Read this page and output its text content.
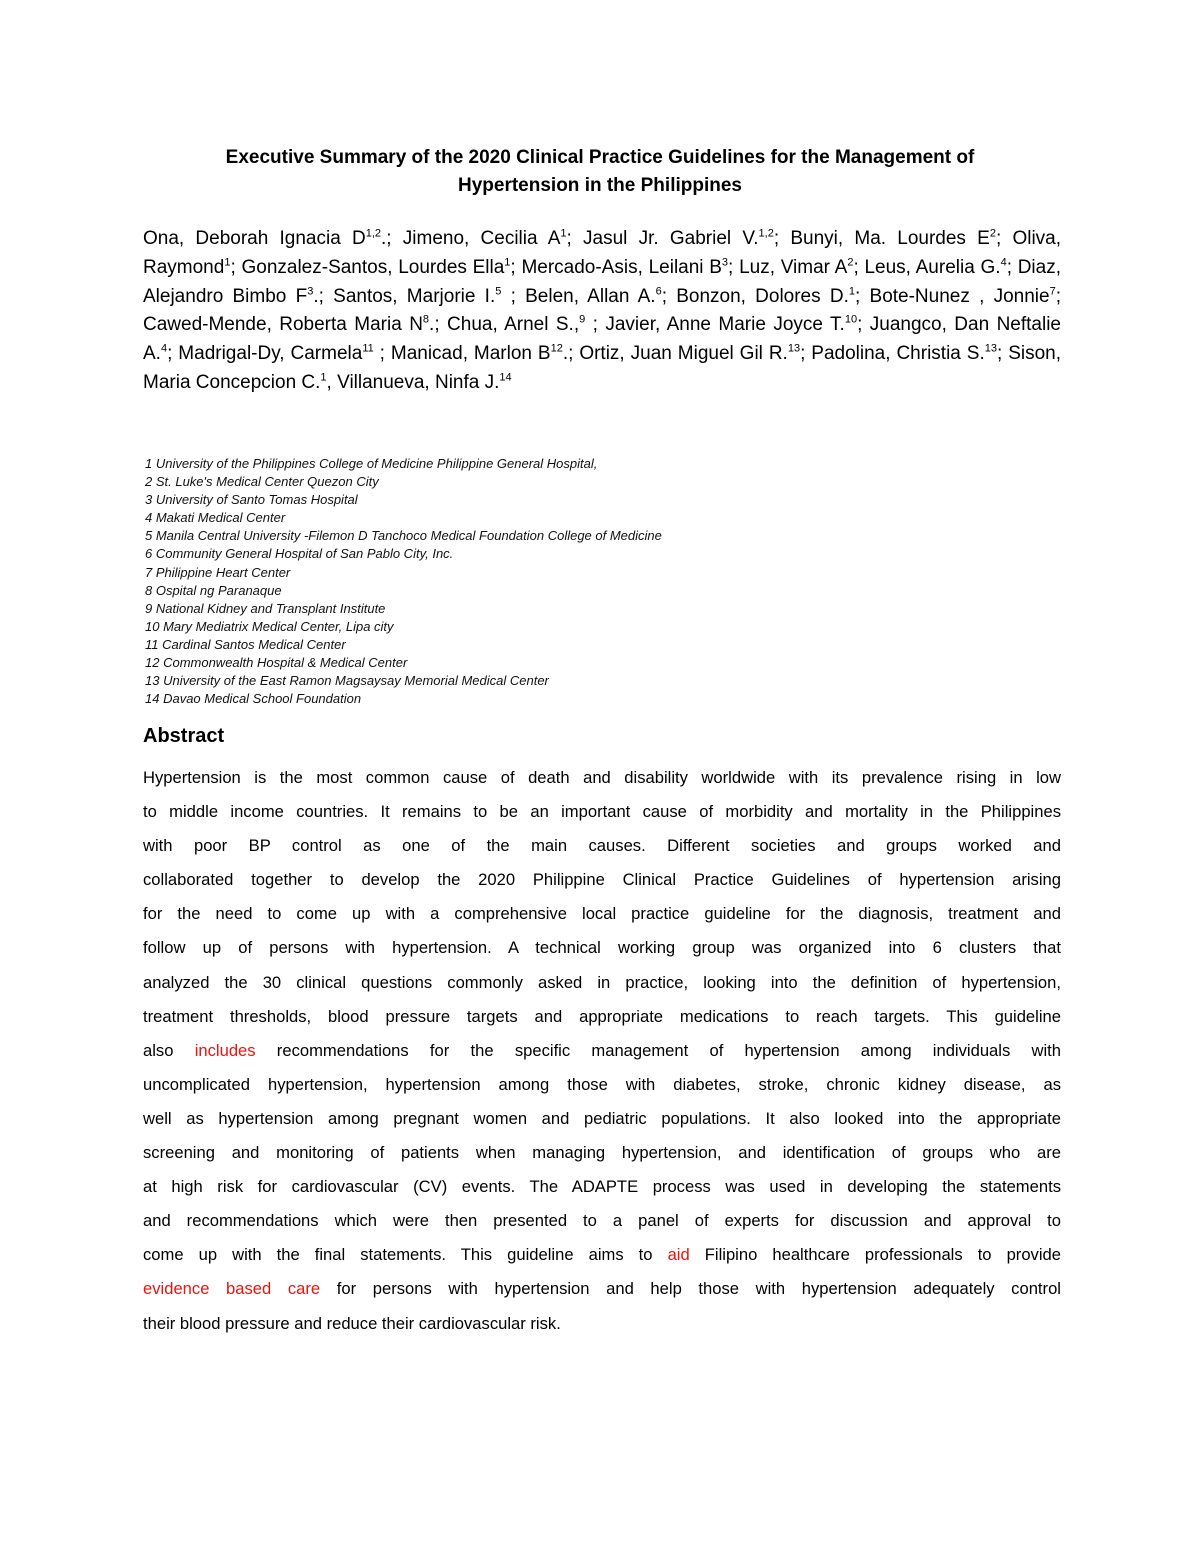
Executive Summary of the 2020 Clinical Practice Guidelines for the Management of
Hypertension in the Philippines
Ona, Deborah Ignacia D$^{1,2}$.; Jimeno, Cecilia $A^1$; Jasul Jr. Gabriel V.$^{1,2}$; Bunyi, Ma. Lourdes $E^2$; Oliva, Raymond$^1$; Gonzalez-Santos, Lourdes Ella$^1$; Mercado-Asis, Leilani $B^3$; Luz, Vimar $A^2$; Leus, Aurelia G.$^4$; Diaz, Alejandro Bimbo $F^3$.; Santos, Marjorie I.$^5$ ; Belen, Allan A.$^6$; Bonzon, Dolores D.$^1$; Bote-Nunez , Jonnie$^7$; Cawed-Mende, Roberta Maria $N^8$.; Chua, Arnel S.,$^9$ ; Javier, Anne Marie Joyce T.$^{10}$; Juangco, Dan Neftalie A.$^4$; Madrigal-Dy, Carmela$^{11}$ ; Manicad, Marlon $B^{12}$.; Ortiz, Juan Miguel Gil R.$^{13}$; Padolina, Christia S.$^{13}$; Sison, Maria Concepcion C.$^1$, Villanueva, Ninfa J.$^{14}$
1 University of the Philippines College of Medicine Philippine General Hospital,
2 St. Luke's Medical Center Quezon City
3 University of Santo Tomas Hospital
4 Makati Medical Center
5 Manila Central University -Filemon D Tanchoco Medical Foundation College of Medicine
6 Community General Hospital of San Pablo City, Inc.
7 Philippine Heart Center
8 Ospital ng Paranaque
9 National Kidney and Transplant Institute
10 Mary Mediatrix Medical Center, Lipa city
11 Cardinal Santos Medical Center
12 Commonwealth Hospital & Medical Center
13 University of the East Ramon Magsaysay Memorial Medical Center
14 Davao Medical School Foundation
Abstract
Hypertension is the most common cause of death and disability worldwide with its prevalence rising in low
to middle income countries. It remains to be an important cause of morbidity and mortality in the Philippines
with poor BP control as one of the main causes. Different societies and groups worked and
collaborated together to develop the 2020 Philippine Clinical Practice Guidelines of hypertension arising
for the need to come up with a comprehensive local practice guideline for the diagnosis, treatment and
follow up of persons with hypertension. A technical working group was organized into 6 clusters that
analyzed the 30 clinical questions commonly asked in practice, looking into the definition of hypertension,
treatment thresholds, blood pressure targets and appropriate medications to reach targets. This guideline
also includes recommendations for the specific management of hypertension among individuals with
uncomplicated hypertension, hypertension among those with diabetes, stroke, chronic kidney disease, as
well as hypertension among pregnant women and pediatric populations. It also looked into the appropriate
screening and monitoring of patients when managing hypertension, and identification of groups who are
at high risk for cardiovascular (CV) events. The ADAPTE process was used in developing the statements
and recommendations which were then presented to a panel of experts for discussion and approval to
come up with the final statements. This guideline aims to aid Filipino healthcare professionals to provide
evidence based care for persons with hypertension and help those with hypertension adequately control
their blood pressure and reduce their cardiovascular risk.
